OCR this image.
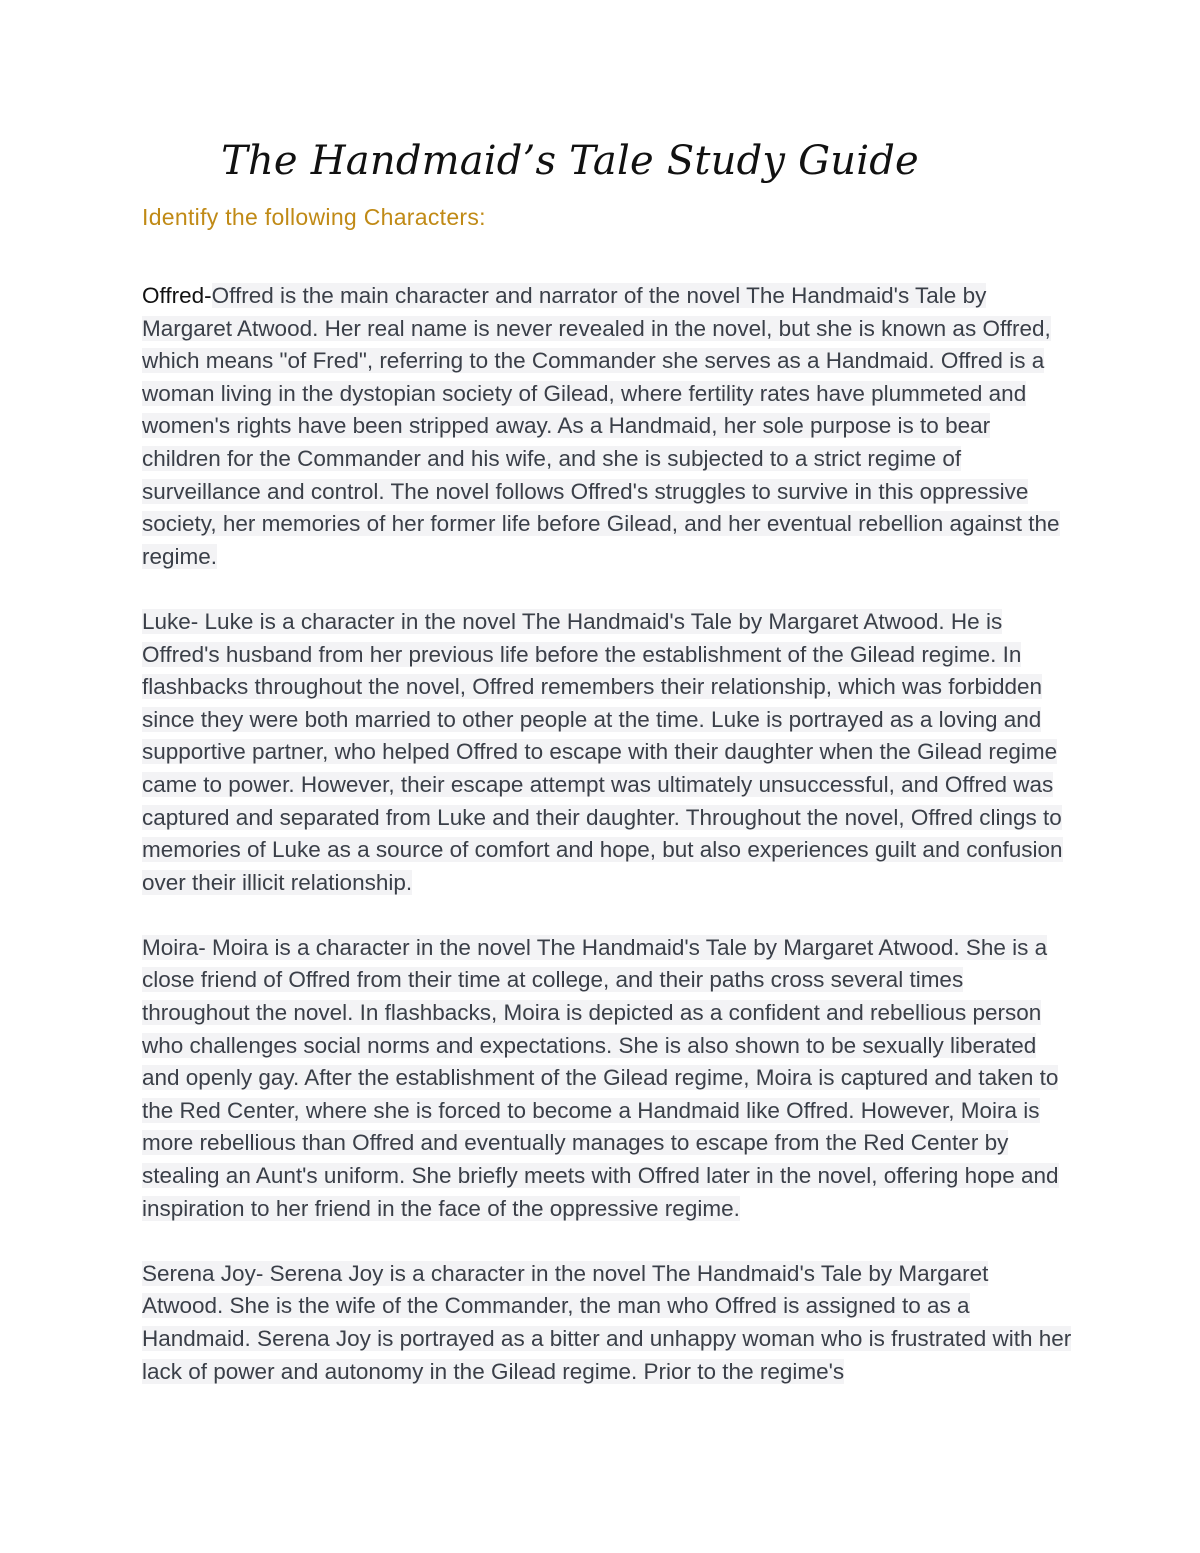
The Handmaid’s Tale Study Guide
Identify the following Characters:

Offred-Offred is the main character and narrator of the novel The Handmaid's Tale by Margaret Atwood. Her real name is never revealed in the novel, but she is known as Offred, which means "of Fred", referring to the Commander she serves as a Handmaid. Offred is a woman living in the dystopian society of Gilead, where fertility rates have plummeted and women's rights have been stripped away. As a Handmaid, her sole purpose is to bear children for the Commander and his wife, and she is subjected to a strict regime of surveillance and control. The novel follows Offred's struggles to survive in this oppressive society, her memories of her former life before Gilead, and her eventual rebellion against the regime.

Luke- Luke is a character in the novel The Handmaid's Tale by Margaret Atwood. He is Offred's husband from her previous life before the establishment of the Gilead regime. In flashbacks throughout the novel, Offred remembers their relationship, which was forbidden since they were both married to other people at the time. Luke is portrayed as a loving and supportive partner, who helped Offred to escape with their daughter when the Gilead regime came to power. However, their escape attempt was ultimately unsuccessful, and Offred was captured and separated from Luke and their daughter. Throughout the novel, Offred clings to memories of Luke as a source of comfort and hope, but also experiences guilt and confusion over their illicit relationship.

Moira- Moira is a character in the novel The Handmaid's Tale by Margaret Atwood. She is a close friend of Offred from their time at college, and their paths cross several times throughout the novel. In flashbacks, Moira is depicted as a confident and rebellious person who challenges social norms and expectations. She is also shown to be sexually liberated and openly gay. After the establishment of the Gilead regime, Moira is captured and taken to the Red Center, where she is forced to become a Handmaid like Offred. However, Moira is more rebellious than Offred and eventually manages to escape from the Red Center by stealing an Aunt's uniform. She briefly meets with Offred later in the novel, offering hope and inspiration to her friend in the face of the oppressive regime.

Serena Joy- Serena Joy is a character in the novel The Handmaid's Tale by Margaret Atwood. She is the wife of the Commander, the man who Offred is assigned to as a Handmaid. Serena Joy is portrayed as a bitter and unhappy woman who is frustrated with her lack of power and autonomy in the Gilead regime. Prior to the regime's
